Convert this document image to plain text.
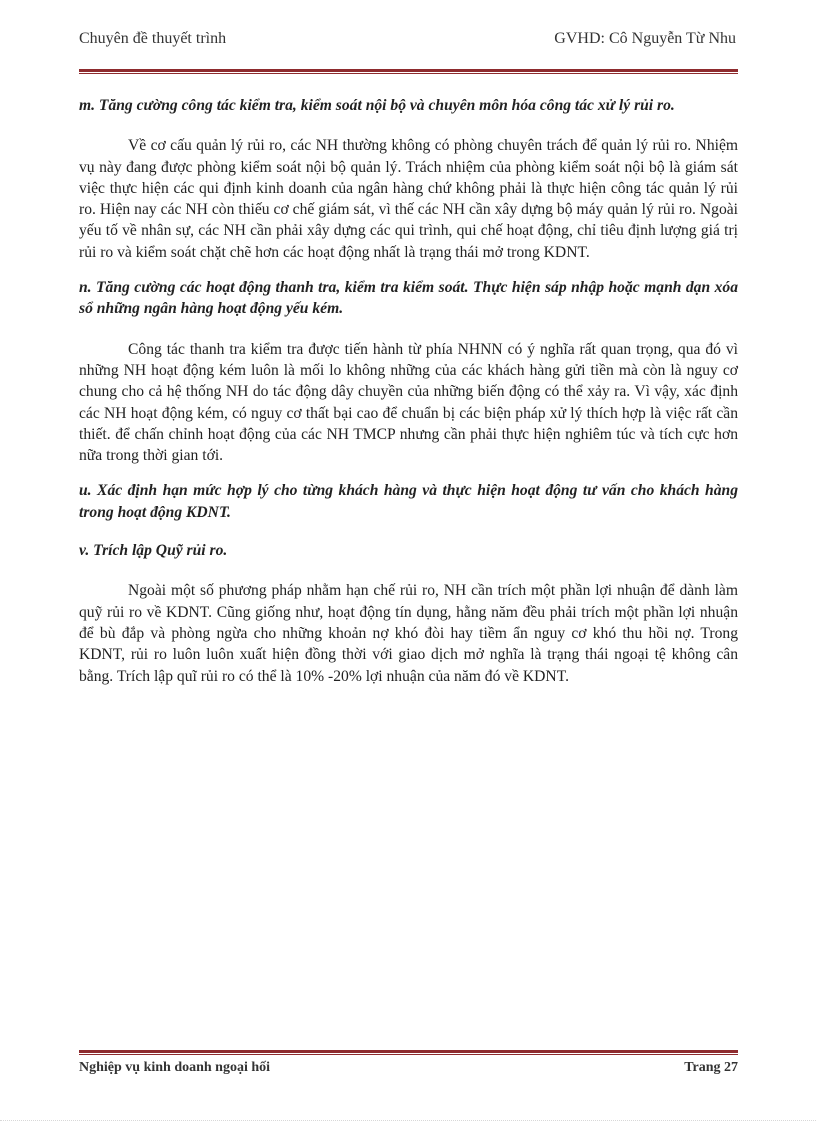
Chuyên đề thuyết trình	GVHD: Cô Nguyễn Từ Nhu

m. Tăng cường công tác kiểm tra, kiểm soát nội bộ và chuyên môn hóa công tác xử lý rủi ro.

Về cơ cấu quản lý rủi ro, các NH thường không có phòng chuyên trách để quản lý rủi ro. Nhiệm vụ này đang được phòng kiểm soát nội bộ quản lý. Trách nhiệm của phòng kiểm soát nội bộ là giám sát việc thực hiện các qui định kinh doanh của ngân hàng chứ không phải là thực hiện công tác quản lý rủi ro. Hiện nay các NH còn thiếu cơ chế giám sát, vì thế các NH cần xây dựng bộ máy quản lý rủi ro. Ngoài yếu tố về nhân sự, các NH cần phải xây dựng các qui trình, qui chế hoạt động, chỉ tiêu định lượng giá trị rủi ro và kiểm soát chặt chẽ hơn các hoạt động nhất là trạng thái mở trong KDNT.

n. Tăng cường các hoạt động thanh tra, kiểm tra kiểm soát. Thực hiện sáp nhập hoặc mạnh dạn xóa sổ những ngân hàng hoạt động yếu kém.

Công tác thanh tra kiểm tra được tiến hành từ phía NHNN có ý nghĩa rất quan trọng, qua đó vì những NH hoạt động kém luôn là mối lo không những của các khách hàng gửi tiền mà còn là nguy cơ chung cho cả hệ thống NH do tác động dây chuyền của những biến động có thể xảy ra. Vì vậy, xác định các NH hoạt động kém, có nguy cơ thất bại cao để chuẩn bị các biện pháp xử lý thích hợp là việc rất cần thiết. để chấn chỉnh hoạt động của các NH TMCP nhưng cần phải thực hiện nghiêm túc và tích cực hơn nữa trong thời gian tới.

u. Xác định hạn mức hợp lý cho từng khách hàng và thực hiện hoạt động tư vấn cho khách hàng trong hoạt động KDNT.

v. Trích lập Quỹ rủi ro.

Ngoài một số phương pháp nhằm hạn chế rủi ro, NH cần trích một phần lợi nhuận để dành làm quỹ rủi ro về KDNT. Cũng giống như, hoạt động tín dụng, hằng năm đều phải trích một phần lợi nhuận để bù đắp và phòng ngừa cho những khoản nợ khó đòi hay tiềm ẩn nguy cơ khó thu hồi nợ. Trong KDNT, rủi ro luôn luôn xuất hiện đồng thời với giao dịch mở nghĩa là trạng thái ngoại tệ không cân bằng. Trích lập quĩ rủi ro có thể là 10% -20% lợi nhuận của năm đó về KDNT.

Nghiệp vụ kinh doanh ngoại hối	Trang 27
